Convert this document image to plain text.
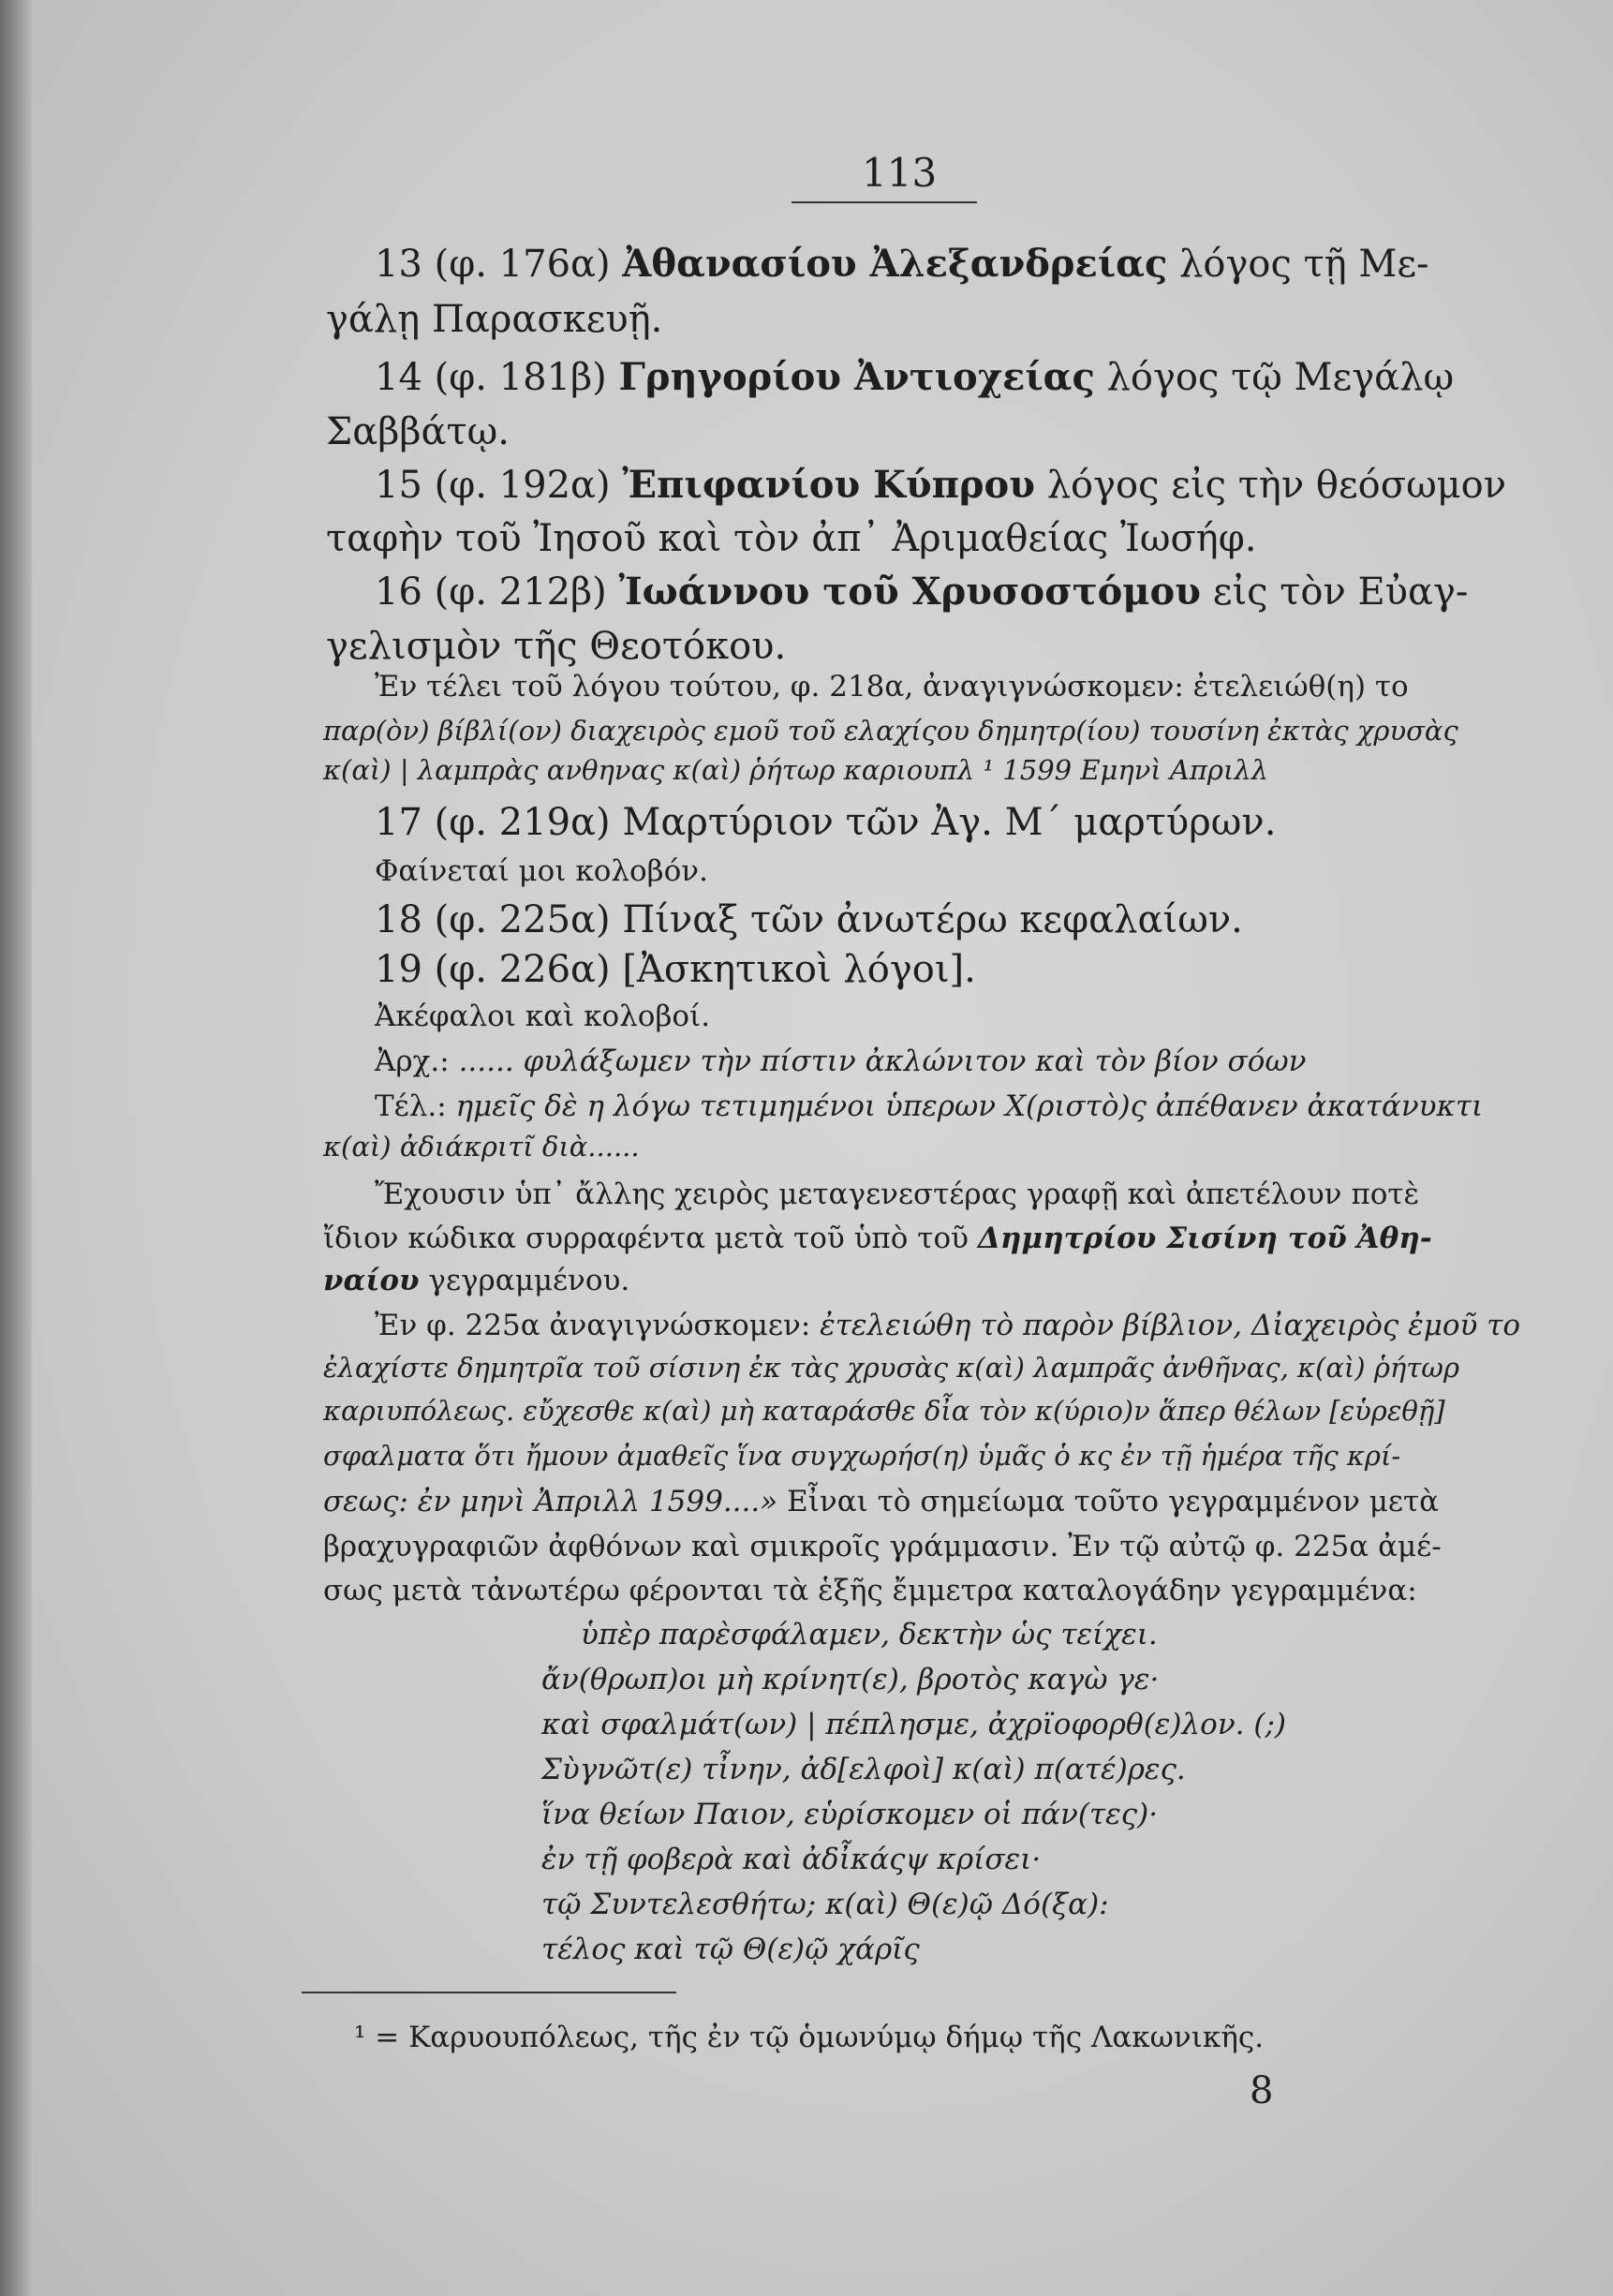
113
13 (φ. 176α) Ἀθανασίου Ἀλεξανδρείας λόγος τῇ Με-
γάλῃ Παρασκευῇ.
14 (φ. 181β) Γρηγορίου Ἀντιοχείας λόγος τῷ Μεγάλῳ
Σαββάτῳ.
15 (φ. 192α) Ἐπιφανίου Κύπρου λόγος εἰς τὴν θεόσωμον
ταφὴν τοῦ Ἰησοῦ καὶ τὸν ἀπ᾽ Ἀριμαθείας Ἰωσήφ.
16 (φ. 212β) Ἰωάννου τοῦ Χρυσοστόμου εἰς τὸν Εὐαγ-
γελισμὸν τῆς Θεοτόκου.
Ἐν τέλει τοῦ λόγου τούτου, φ. 218α, ἀναγιγνώσκομεν: ἐτελειώθ(η) το
παρ(ὸν) βίβλί(ον) διαχειρὸς εμοῦ τοῦ ελαχίςου δημητρ(ίου) τουσίνη ἐκτὰς χρυσὰς
κ(αὶ) | λαμπρὰς ανθηνας κ(αὶ) ῥήτωρ καριουπλ ¹ 1599 Εμηνὶ Απριλλ
17 (φ. 219α) Μαρτύριον τῶν Ἀγ. Μ´ μαρτύρων.
Φαίνεταί μοι κολοβόν.
18 (φ. 225α) Πίναξ τῶν ἀνωτέρω κεφαλαίων.
19 (φ. 226α) [Ἀσκητικοὶ λόγοι].
Ἀκέφαλοι καὶ κολοβοί.
Ἀρχ.: ...... φυλάξωμεν τὴν πίστιν ἀκλώνιτον καὶ τὸν βίον σόων
Τέλ.: ημεῖς δὲ η λόγω τετιμημένοι ὑπερων Χ(ριστὸ)ς ἀπέθανεν ἀκατάνυκτι
κ(αὶ) ἀδιάκριτῖ διὰ......
Ἔχουσιν ὑπ᾽ ἄλλης χειρὸς μεταγενεστέρας γραφῇ καὶ ἀπετέλουν ποτὲ
ἴδιον κώδικα συρραφέντα μετὰ τοῦ ὑπὸ τοῦ Δημητρίου Σισίνη τοῦ Ἀθη-
ναίου γεγραμμένου.
Ἐν φ. 225α ἀναγιγνώσκομεν: ἐτελειώθη τὸ παρὸν βίβλιον, Δἰαχειρὸς ἐμοῦ το
ἐλαχίστε δημητρῖα τοῦ σίσινη ἐκ τὰς χρυσὰς κ(αὶ) λαμπρᾶς ἀνθῆνας, κ(αὶ) ῥήτωρ
καριυπόλεως. εὔχεσθε κ(αὶ) μὴ καταράσθε δἶα τὸν κ(ύριο)ν ἅπερ θέλων [εὑρεθῇ]
σφαλματα ὅτι ἤμουν ἀμαθεῖς ἵνα συγχωρήσ(η) ὑμᾶς ὁ κς ἐν τῇ ἡμέρα τῆς κρί-
σεως: ἐν μηνὶ Ἀπριλλ 1599....» Εἶναι τὸ σημείωμα τοῦτο γεγραμμένον μετὰ
βραχυγραφιῶν ἀφθόνων καὶ σμικροῖς γράμμασιν. Ἐν τῷ αὐτῷ φ. 225α ἀμέ-
σως μετὰ τἀνωτέρω φέρονται τὰ ἑξῆς ἔμμετρα καταλογάδην γεγραμμένα:
ὑπὲρ παρὲσφάλαμεν, δεκτὴν ὡς τείχει.
ἄν(θρωπ)οι μὴ κρίνητ(ε), βροτὸς καγὼ γε·
καὶ σφαλμάτ(ων) | πέπλησμε, ἀχρϊοφορθ(ε)λον. (;)
Σὺγνῶτ(ε) τἶνην, ἀδ[ελφοὶ] κ(αὶ) π(ατέ)ρες.
ἵνα θείων Παιον, εὑρίσκομεν οἱ πάν(τες)·
ἐν τῇ φοβερὰ καὶ ἀδἶκάςψ κρίσει·
τῷ Συντελεσθήτω; κ(αὶ) Θ(ε)ῷ Δό(ξα):
τέλος καὶ τῷ Θ(ε)ῷ χάρῖς
¹ = Καρυουπόλεως, τῆς ἐν τῷ ὁμωνύμῳ δήμῳ τῆς Λακωνικῆς.
8
